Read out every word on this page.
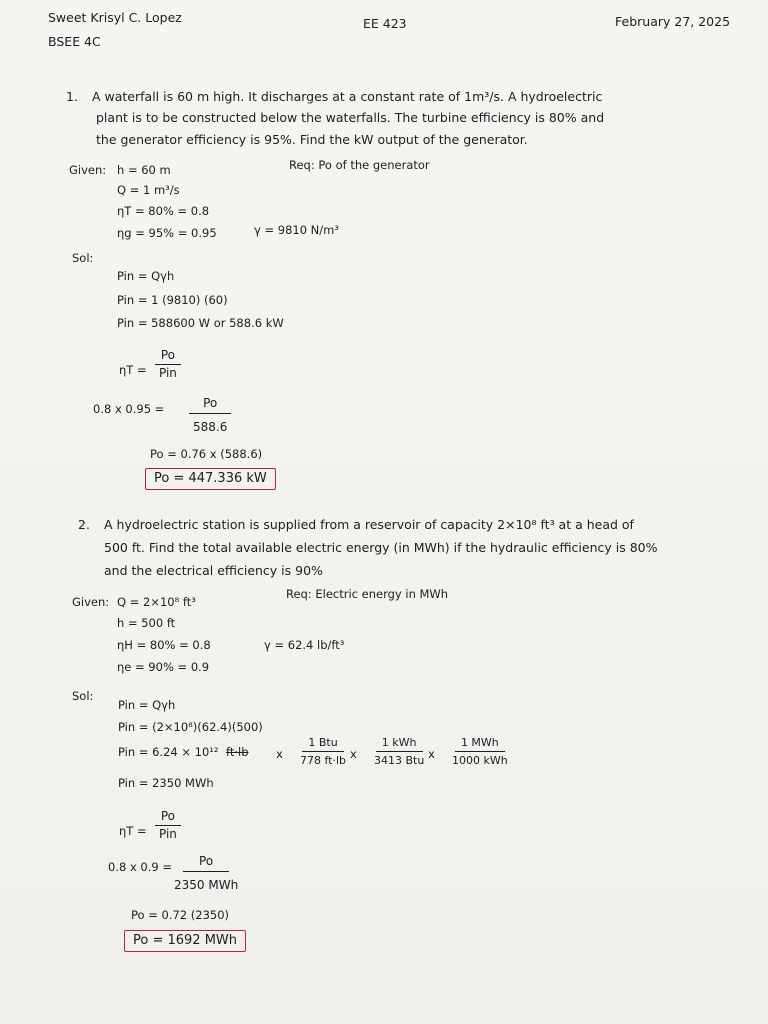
Sweet Krisyl C. Lopez	EE 423	February 27, 2025
BSEE 4C
1. A waterfall is 60 m high. It discharges at a constant rate of 1m³/s. A hydroelectric
plant is to be constructed below the waterfalls. The turbine efficiency is 80% and
the generator efficiency is 95%. Find the kW output of the generator.
Given: h = 60 m
Q = 1 m³/s
ηT = 80% = 0.8
ηg = 95% = 0.95	γ = 9810 N/m³
Req: Po of the generator
Sol:
Pin = Qγh
Pin = 1 (9810) (60)
Pin = 588600 W or 588.6 kW
ηT =
Po
Pin
0.8 x $0.95 = \frac{Po}{588.6}$
Po = 0.76 x (588.6)
Po = 447.336 kW
2. A hydroelectric station is supplied from a reservoir of capacity 2×10⁸ ft³ at a head of
500 ft. Find the total available electric energy (in MWh) if the hydraulic efficiency is 80%
and the electrical efficiency is 90%
Given: Q = 2×10⁸ ft³
h = 500 ft
ηH = 80% = 0.8
ηe = 90% = 0.9
γ = 62.4 lb/ft³
Req: Electric energy in MWh
Sol:
Pin = Qγh
Pin = (2×10⁸)(62.4)(500)
Pin = 6.24 × 10¹² ft·lb x
1 Btu
778 ft·lb x
1 kWh
3413 Btu x
1 MWh
1000 kWh
Pin = 2350 MWh
ηT =
Po
Pin
0.8 x 0.9 =	Po
2350 MWh
Po = 0.72 (2350)
Po = 1692 MWh
